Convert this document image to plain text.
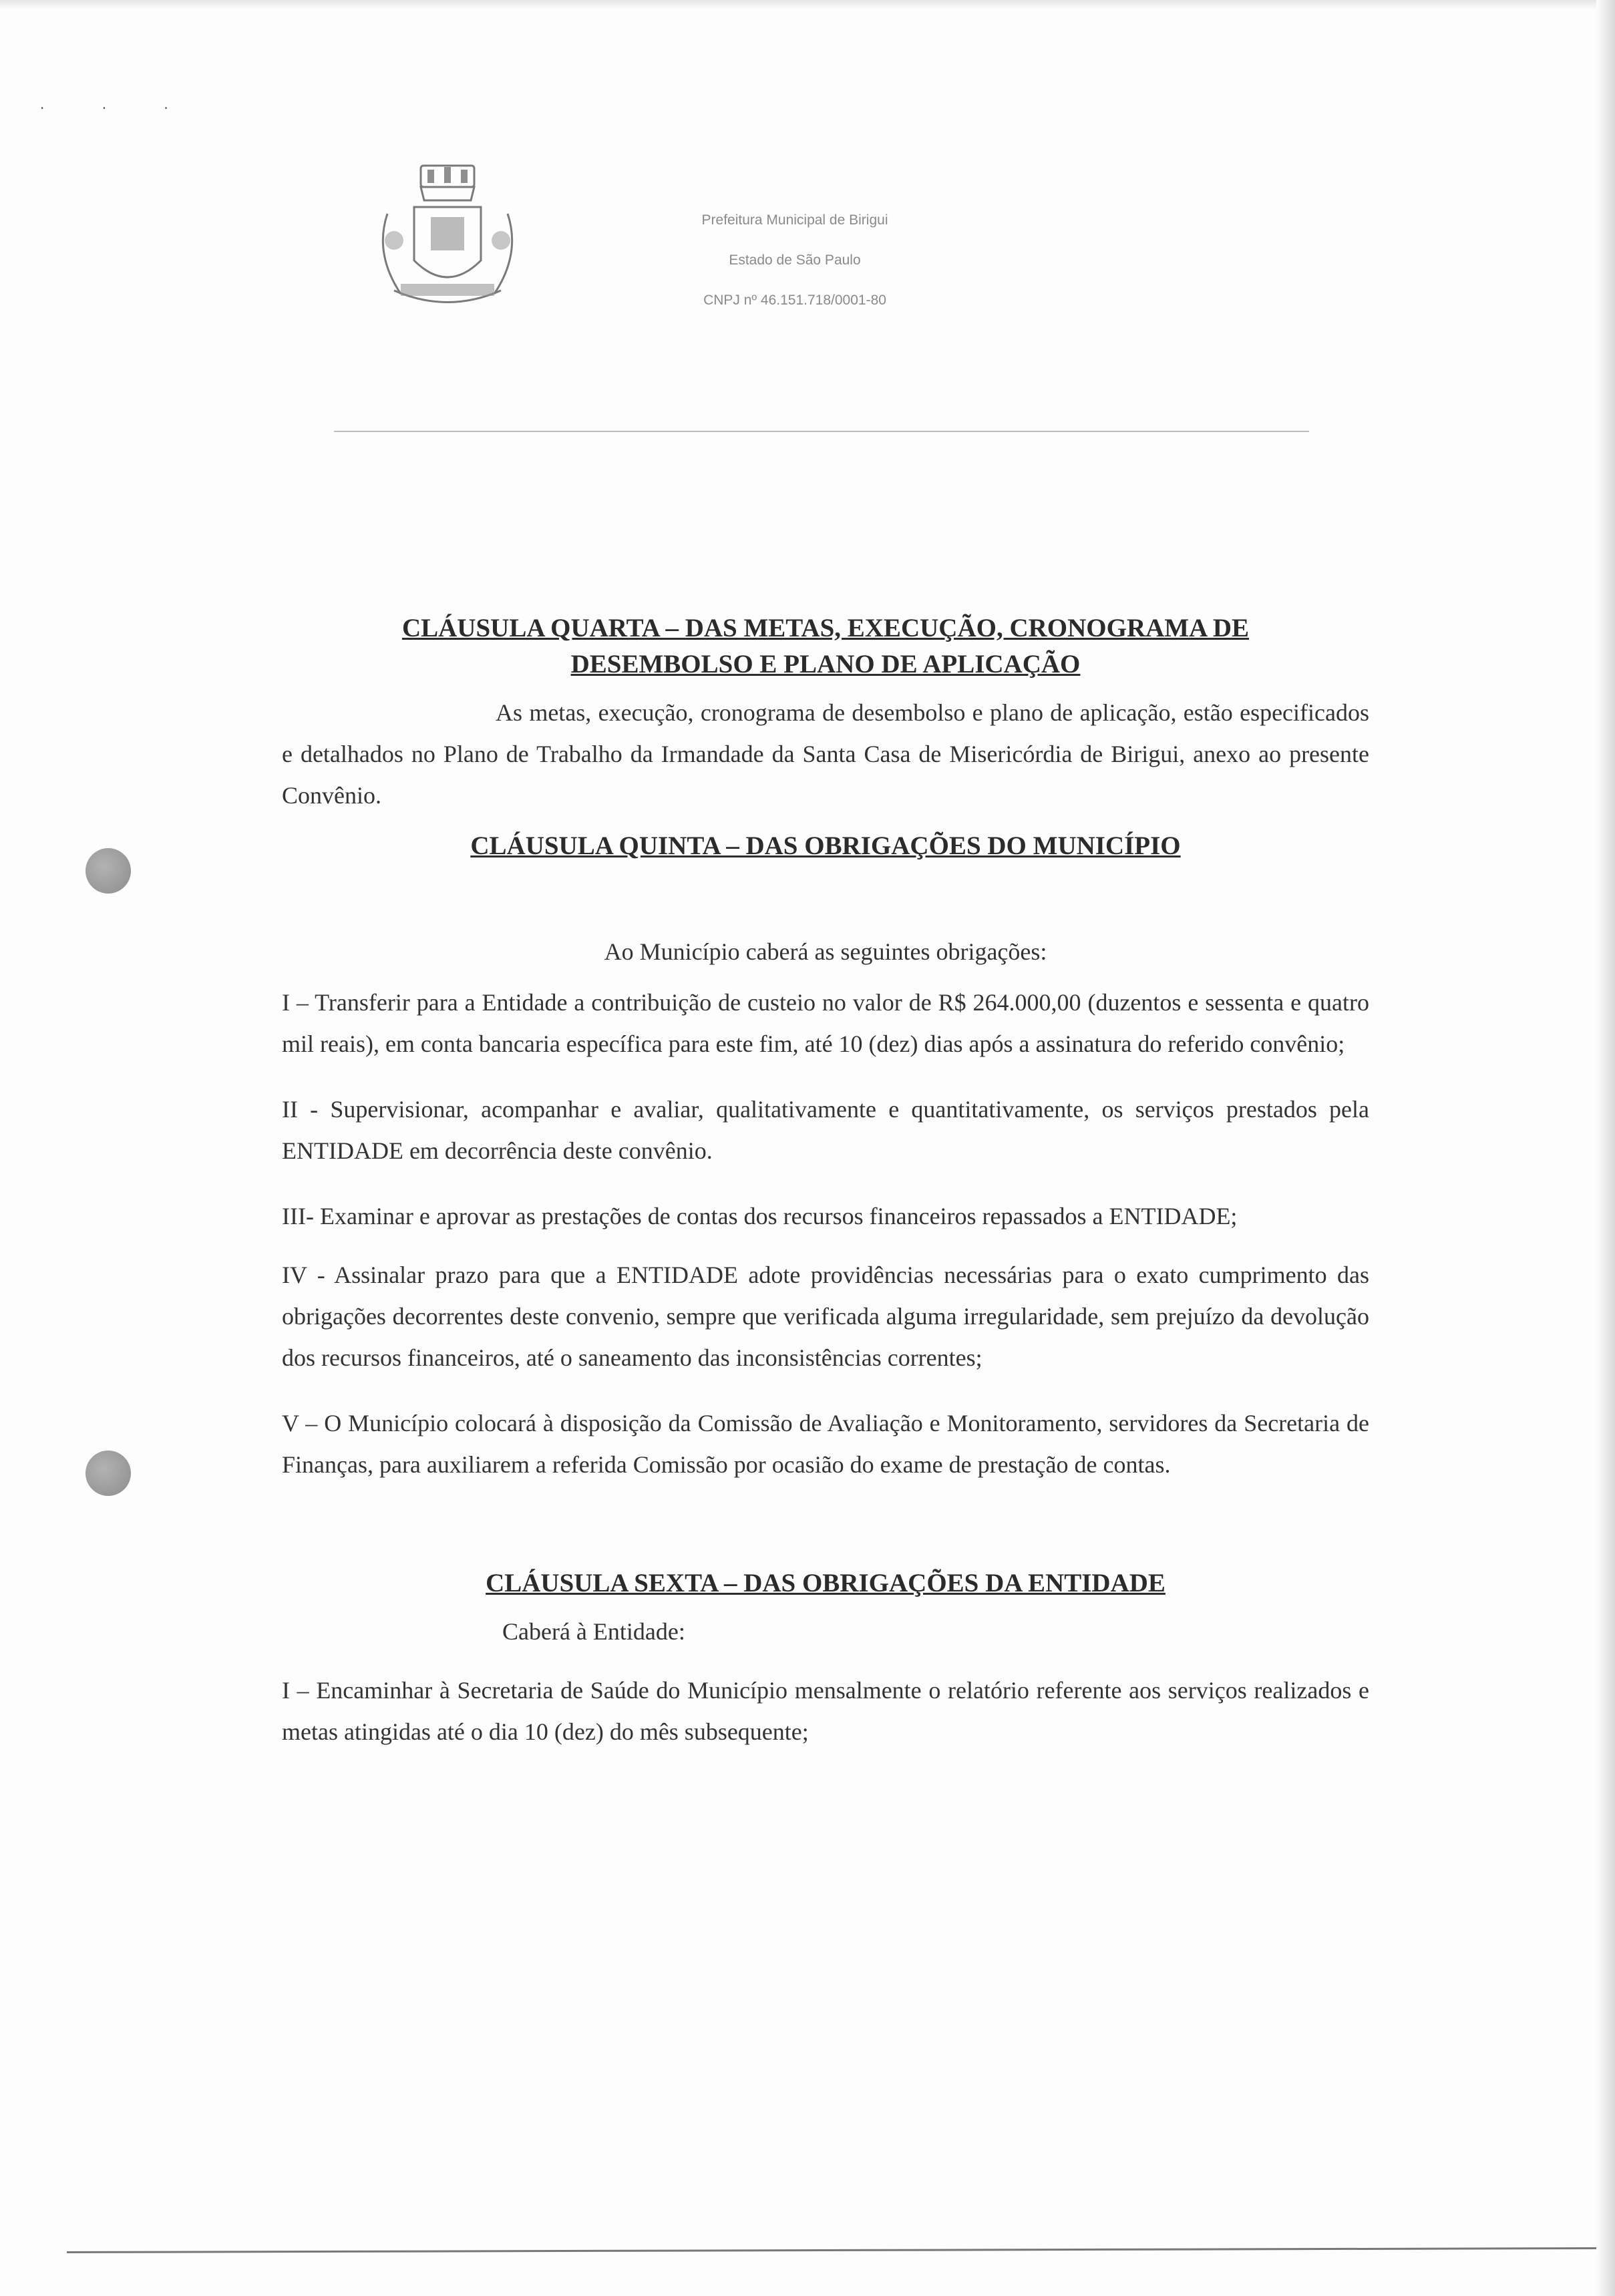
· · ·
Prefeitura Municipal de Birigui
Estado de São Paulo
CNPJ nº 46.151.718/0001-80

CLÁUSULA QUARTA – DAS METAS, EXECUÇÃO, CRONOGRAMA DE

DESEMBOLSO E PLANO DE APLICAÇÃO

As metas, execução, cronograma de desembolso e plano de aplicação, estão especificados e detalhados no Plano de Trabalho da Irmandade da Santa Casa de Misericórdia de Birigui, anexo ao presente Convênio.

CLÁUSULA QUINTA – DAS OBRIGAÇÕES DO MUNICÍPIO

Ao Município caberá as seguintes obrigações:

I – Transferir para a Entidade a contribuição de custeio no valor de R$ 264.000,00 (duzentos e sessenta e quatro mil reais), em conta bancaria específica para este fim, até 10 (dez) dias após a assinatura do referido convênio;

II - Supervisionar, acompanhar e avaliar, qualitativamente e quantitativamente, os serviços prestados pela ENTIDADE em decorrência deste convênio.

III- Examinar e aprovar as prestações de contas dos recursos financeiros repassados a ENTIDADE;

IV - Assinalar prazo para que a ENTIDADE adote providências necessárias para o exato cumprimento das obrigações decorrentes deste convenio, sempre que verificada alguma irregularidade, sem prejuízo da devolução dos recursos financeiros, até o saneamento das inconsistências correntes;

V – O Município colocará à disposição da Comissão de Avaliação e Monitoramento, servidores da Secretaria de Finanças, para auxiliarem a referida Comissão por ocasião do exame de prestação de contas.

CLÁUSULA SEXTA – DAS OBRIGAÇÕES DA ENTIDADE

Caberá à Entidade:

I – Encaminhar à Secretaria de Saúde do Município mensalmente o relatório referente aos serviços realizados e metas atingidas até o dia 10 (dez) do mês subsequente;
